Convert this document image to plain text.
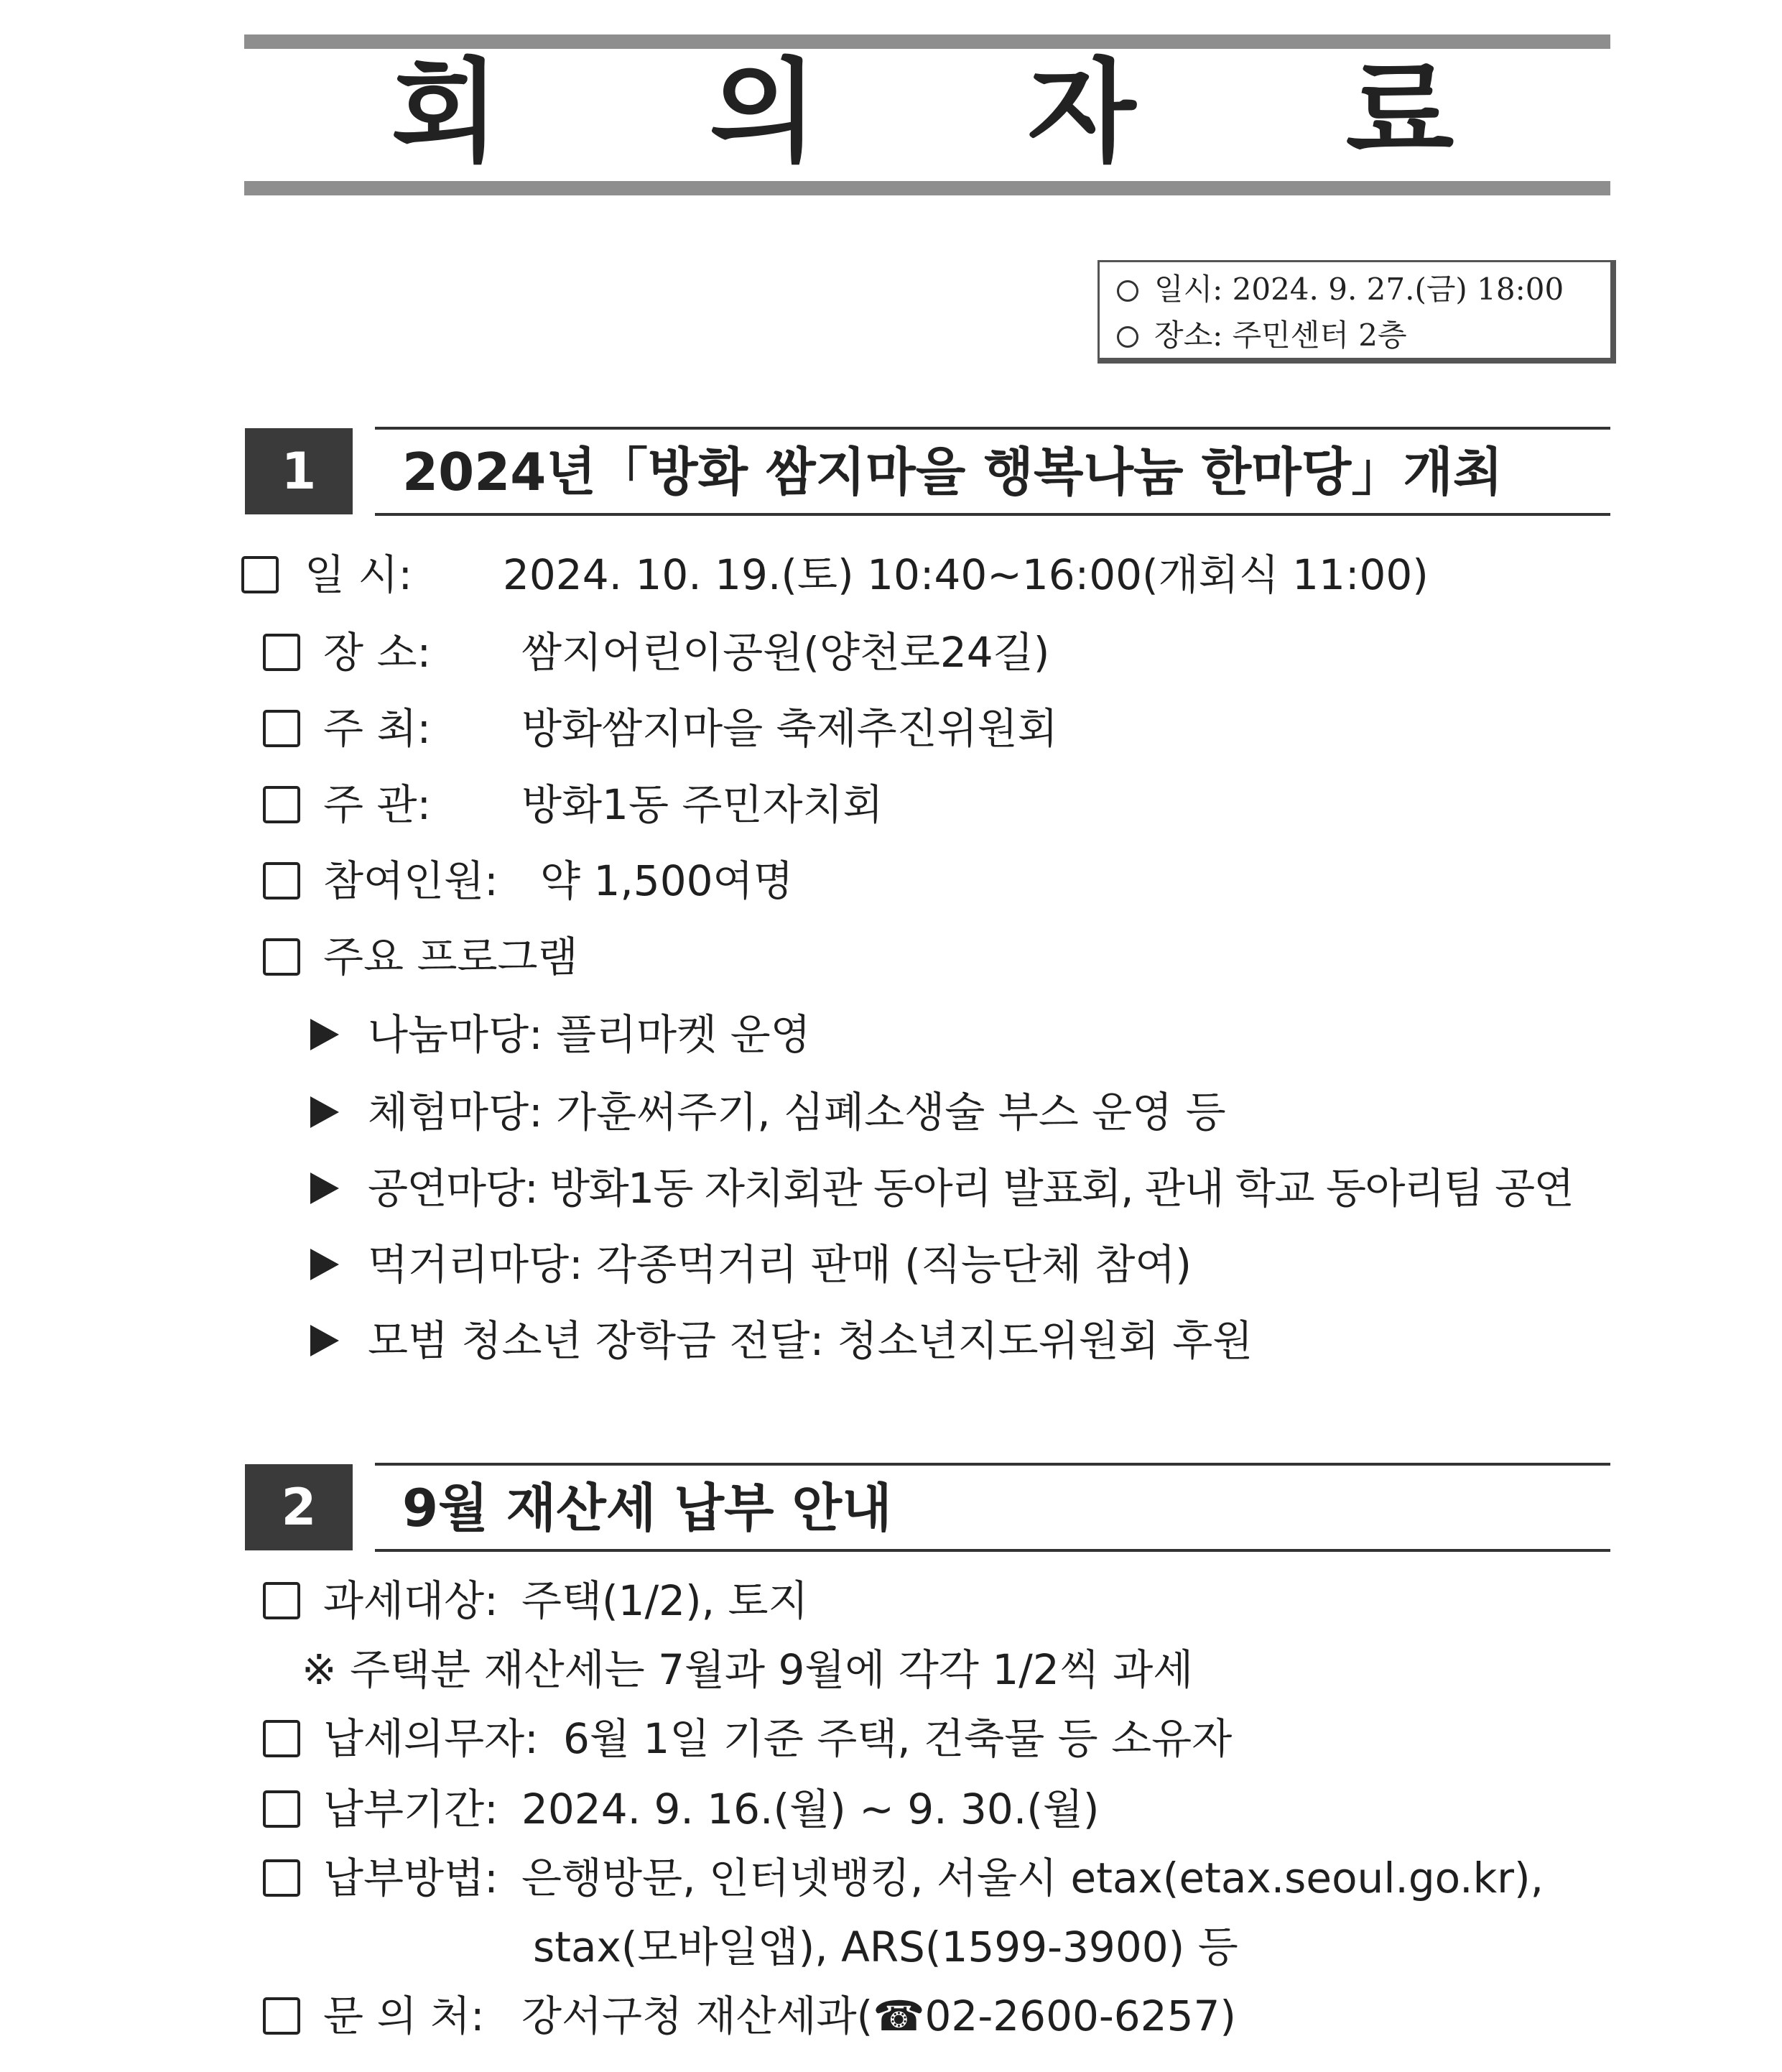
회 의 자 료
일시: 2024. 9. 27.(금) 18:00
장소: 주민센터 2층
1	2024년「방화 쌈지마을 행복나눔 한마당」개최
일 시: 2024. 10. 19.(토) 10:40~16:00(개회식 11:00)
장 소: 쌈지어린이공원(양천로24길)
주 최: 방화쌈지마을 축제추진위원회
주 관: 방화1동 주민자치회
참여인원: 약 1,500여명
주요 프로그램
나눔마당: 플리마켓 운영
체험마당: 가훈써주기, 심폐소생술 부스 운영 등
공연마당: 방화1동 자치회관 동아리 발표회, 관내 학교 동아리팀 공연
먹거리마당: 각종먹거리 판매 (직능단체 참여)
모범 청소년 장학금 전달: 청소년지도위원회 후원
2	9월 재산세 납부 안내
과세대상: 주택(1/2), 토지
※ 주택분 재산세는 7월과 9월에 각각 1/2씩 과세
납세의무자: 6월 1일 기준 주택, 건축물 등 소유자
납부기간: 2024. 9. 16.(월) ~ 9. 30.(월)
납부방법: 은행방문, 인터넷뱅킹, 서울시 etax(etax.seoul.go.kr),
stax(모바일앱), ARS(1599-3900) 등
문 의 처: 강서구청 재산세과(☎02-2600-6257)
